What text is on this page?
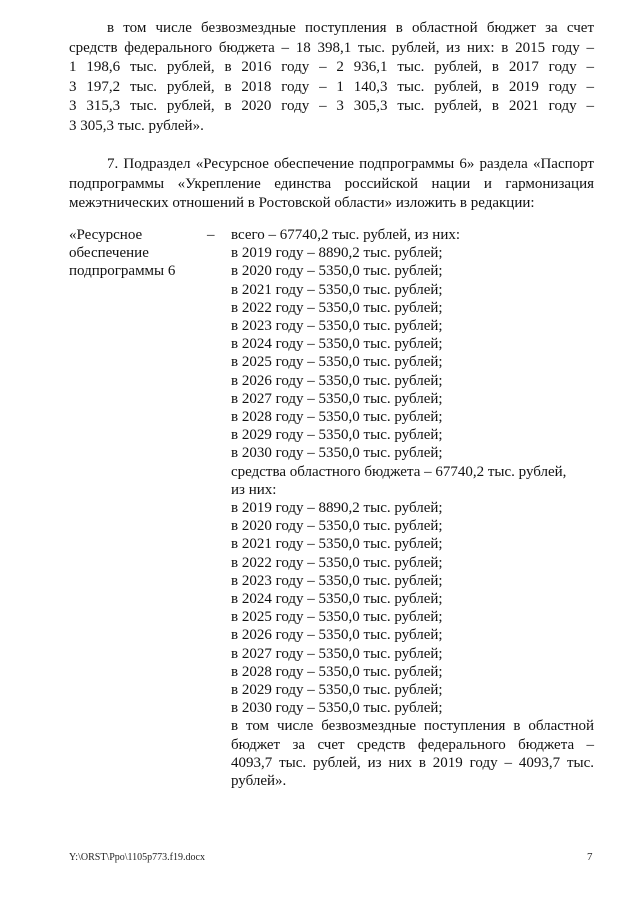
в том числе безвозмездные поступления в областной бюджет за счет
средств федерального бюджета – 18 398,1 тыс. рублей, из них: в 2015 году –
1 198,6 тыс. рублей, в 2016 году – 2 936,1 тыс. рублей, в 2017 году –
3 197,2 тыс. рублей, в 2018 году – 1 140,3 тыс. рублей, в 2019 году –
3 315,3 тыс. рублей, в 2020 году – 3 305,3 тыс. рублей, в 2021 году –
3 305,3 тыс. рублей».
7. Подраздел «Ресурсное обеспечение подпрограммы 6» раздела «Паспорт
подпрограммы «Укрепление единства российской нации и гармонизация
межэтнических отношений в Ростовской области» изложить в редакции:
«Ресурсное
обеспечение
подпрограммы 6
– всего – 67740,2 тыс. рублей, из них:
в 2019 году – 8890,2 тыс. рублей;
в 2020 году – 5350,0 тыс. рублей;
в 2021 году – 5350,0 тыс. рублей;
в 2022 году – 5350,0 тыс. рублей;
в 2023 году – 5350,0 тыс. рублей;
в 2024 году – 5350,0 тыс. рублей;
в 2025 году – 5350,0 тыс. рублей;
в 2026 году – 5350,0 тыс. рублей;
в 2027 году – 5350,0 тыс. рублей;
в 2028 году – 5350,0 тыс. рублей;
в 2029 году – 5350,0 тыс. рублей;
в 2030 году – 5350,0 тыс. рублей;
средства областного бюджета – 67740,2 тыс. рублей,
из них:
в 2019 году – 8890,2 тыс. рублей;
в 2020 году – 5350,0 тыс. рублей;
в 2021 году – 5350,0 тыс. рублей;
в 2022 году – 5350,0 тыс. рублей;
в 2023 году – 5350,0 тыс. рублей;
в 2024 году – 5350,0 тыс. рублей;
в 2025 году – 5350,0 тыс. рублей;
в 2026 году – 5350,0 тыс. рублей;
в 2027 году – 5350,0 тыс. рублей;
в 2028 году – 5350,0 тыс. рублей;
в 2029 году – 5350,0 тыс. рублей;
в 2030 году – 5350,0 тыс. рублей;
в том числе безвозмездные поступления в областной
бюджет за счет средств федерального бюджета –
4093,7 тыс. рублей, из них в 2019 году – 4093,7 тыс.
рублей».
Y:\ORST\Ppo\1105p773.f19.docx	7
